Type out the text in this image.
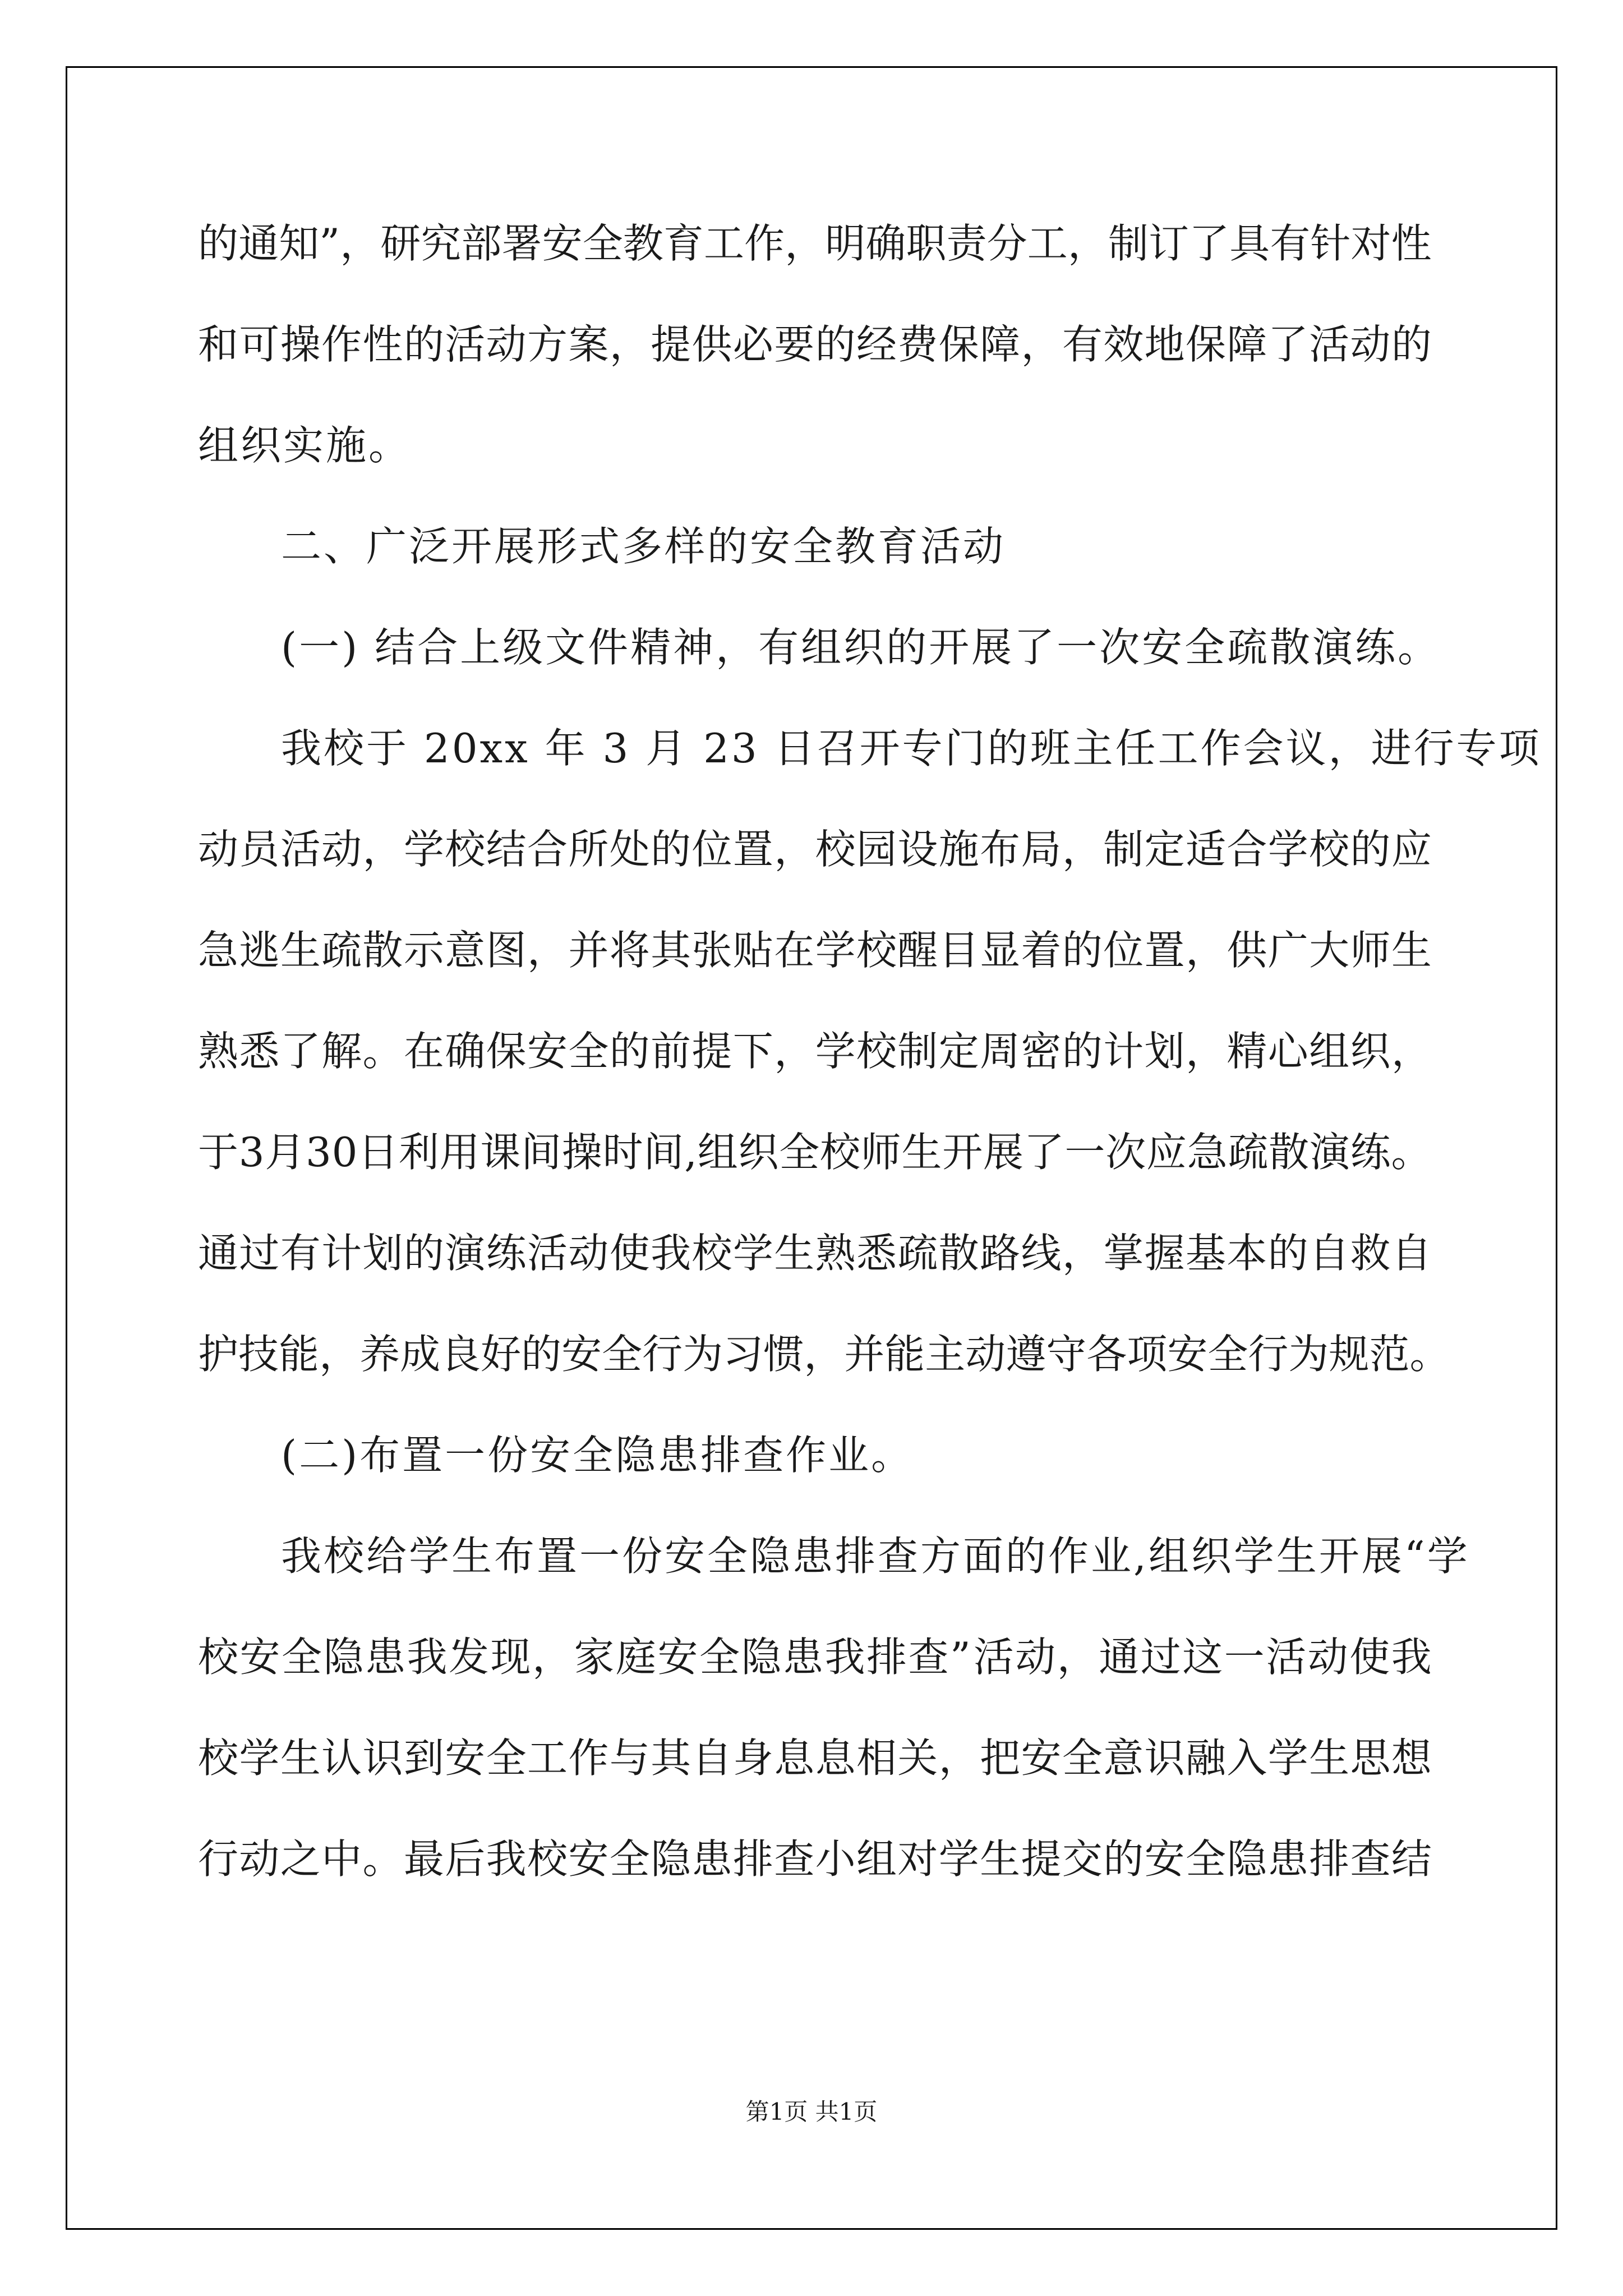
的 通 知 ” ， 研 究 部 署 安 全 教 育 工 作 ， 明 确 职 责 分 工 ， 制 订 了 具 有 针 对 性
和 可 操 作 性 的 活 动 方 案 ， 提 供 必 要 的 经 费 保 障 ， 有 效 地 保 障 了 活 动 的
组织实施。
二、广泛开展形式多样的安全教育活动
(一) 结合上级文件精神，有组织的开展了一次安全疏散演练。
我校于 20xx 年 3 月 23 日召开专门的班主任工作会议，进行专项
动 员 活 动 ， 学 校 结 合 所 处 的 位 置 ， 校 园 设 施 布 局 ， 制 定 适 合 学 校 的 应
急 逃 生 疏 散 示 意 图 ， 并 将 其 张 贴 在 学 校 醒 目 显 着 的 位 置 ， 供 广 大 师 生
熟 悉 了 解 。 在 确 保 安 全 的 前 提 下 ， 学 校 制 定 周 密 的 计 划 ， 精 心 组 织 ，
于 3 月 3 0 日 利 用 课 间 操 时 间 , 组 织 全 校 师 生 开 展 了 一 次 应 急 疏 散 演 练 。
通 过 有 计 划 的 演 练 活 动 使 我 校 学 生 熟 悉 疏 散 路 线 ， 掌 握 基 本 的 自 救 自
护 技 能 ， 养 成 良 好 的 安 全 行 为 习 惯 ， 并 能 主 动 遵 守 各 项 安 全 行 为 规 范 。
(二)布置一份安全隐患排查作业。
我校给学生布置一份安全隐患排查方面的作业,组织学生开展“学
校 安 全 隐 患 我 发 现 ， 家 庭 安 全 隐 患 我 排 查 ” 活 动 ， 通 过 这 一 活 动 使 我
校 学 生 认 识 到 安 全 工 作 与 其 自 身 息 息 相 关 ， 把 安 全 意 识 融 入 学 生 思 想
行 动 之 中 。 最 后 我 校 安 全 隐 患 排 查 小 组 对 学 生 提 交 的 安 全 隐 患 排 查 结
第1页 共1页
